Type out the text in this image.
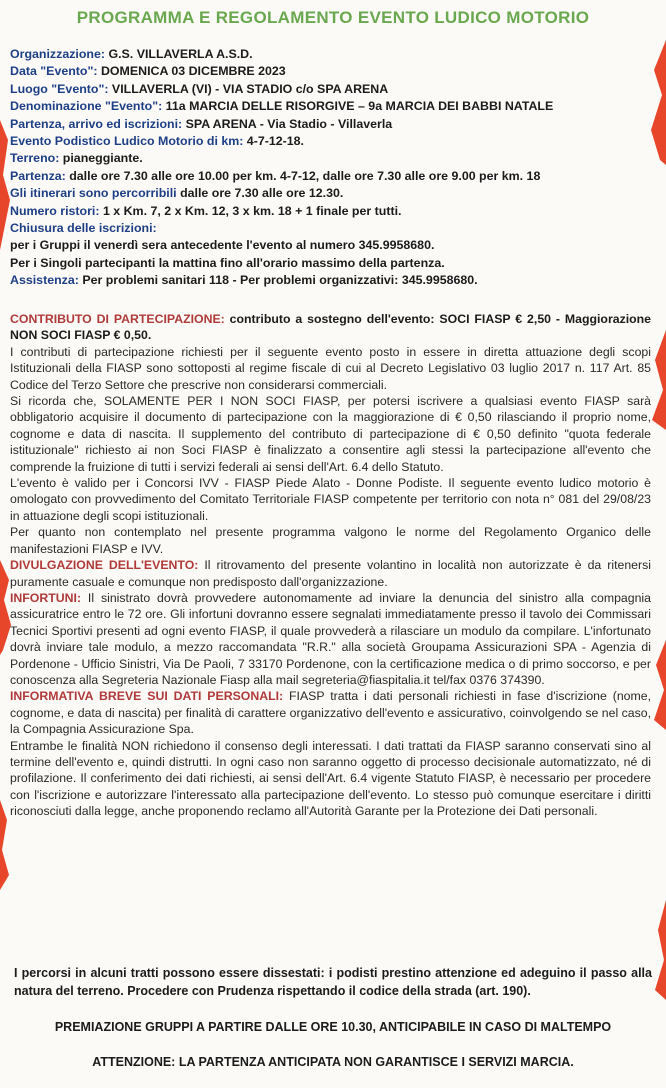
PROGRAMMA E REGOLAMENTO EVENTO LUDICO MOTORIO
Organizzazione: G.S. VILLAVERLA A.S.D.
Data "Evento": DOMENICA 03 DICEMBRE 2023
Luogo "Evento": VILLAVERLA (VI) - VIA STADIO c/o SPA ARENA
Denominazione "Evento": 11a MARCIA DELLE RISORGIVE – 9a MARCIA DEI BABBI NATALE
Partenza, arrivo ed iscrizioni: SPA ARENA - Via Stadio - Villaverla
Evento Podistico Ludico Motorio di km: 4-7-12-18.
Terreno: pianeggiante.
Partenza: dalle ore 7.30 alle ore 10.00 per km. 4-7-12, dalle ore 7.30 alle ore 9.00 per km. 18
Gli itinerari sono percorribili dalle ore 7.30 alle ore 12.30.
Numero ristori: 1 x Km. 7, 2 x Km. 12, 3 x km. 18 + 1 finale per tutti.
Chiusura delle iscrizioni:
per i Gruppi il venerdì sera antecedente l'evento al numero 345.9958680.
Per i Singoli partecipanti la mattina fino all'orario massimo della partenza.
Assistenza: Per problemi sanitari 118 - Per problemi organizzativi: 345.9958680.

CONTRIBUTO DI PARTECIPAZIONE: contributo a sostegno dell'evento: SOCI FIASP € 2,50 - Maggiorazione NON SOCI FIASP € 0,50.

I contributi di partecipazione richiesti per il seguente evento posto in essere in diretta attuazione degli scopi Istituzionali della FIASP sono sottoposti al regime fiscale di cui al Decreto Legislativo 03 luglio 2017 n. 117 Art. 85 Codice del Terzo Settore che prescrive non considerarsi commerciali.

Si ricorda che, SOLAMENTE PER I NON SOCI FIASP, per potersi iscrivere a qualsiasi evento FIASP sarà obbligatorio acquisire il documento di partecipazione con la maggiorazione di € 0,50 rilasciando il proprio nome, cognome e data di nascita. Il supplemento del contributo di partecipazione di € 0,50 definito "quota federale istituzionale" richiesto ai non Soci FIASP è finalizzato a consentire agli stessi la partecipazione all'evento che comprende la fruizione di tutti i servizi federali ai sensi dell'Art. 6.4 dello Statuto.

L'evento è valido per i Concorsi IVV - FIASP Piede Alato - Donne Podiste. Il seguente evento ludico motorio è omologato con provvedimento del Comitato Territoriale FIASP competente per territorio con nota n° 081 del 29/08/23 in attuazione degli scopi istituzionali.

Per quanto non contemplato nel presente programma valgono le norme del Regolamento Organico delle manifestazioni FIASP e IVV.

DIVULGAZIONE DELL'EVENTO: Il ritrovamento del presente volantino in località non autorizzate è da ritenersi puramente casuale e comunque non predisposto dall'organizzazione.

INFORTUNI: Il sinistrato dovrà provvedere autonomamente ad inviare la denuncia del sinistro alla compagnia assicuratrice entro le 72 ore. Gli infortuni dovranno essere segnalati immediatamente presso il tavolo dei Commissari Tecnici Sportivi presenti ad ogni evento FIASP, il quale provvederà a rilasciare un modulo da compilare. L'infortunato dovrà inviare tale modulo, a mezzo raccomandata "R.R." alla società Groupama Assicurazioni SPA - Agenzia di Pordenone - Ufficio Sinistri, Via De Paoli, 7 33170 Pordenone, con la certificazione medica o di primo soccorso, e per conoscenza alla Segreteria Nazionale Fiasp alla mail segreteria@fiaspitalia.it tel/fax 0376 374390.

INFORMATIVA BREVE SUI DATI PERSONALI: FIASP tratta i dati personali richiesti in fase d'iscrizione (nome, cognome, e data di nascita) per finalità di carattere organizzativo dell'evento e assicurativo, coinvolgendo se nel caso, la Compagnia Assicurazione Spa.

Entrambe le finalità NON richiedono il consenso degli interessati. I dati trattati da FIASP saranno conservati sino al termine dell'evento e, quindi distrutti. In ogni caso non saranno oggetto di processo decisionale automatizzato, né di profilazione. Il conferimento dei dati richiesti, ai sensi dell'Art. 6.4 vigente Statuto FIASP, è necessario per procedere con l'iscrizione e autorizzare l'interessato alla partecipazione dell'evento. Lo stesso può comunque esercitare i diritti riconosciuti dalla legge, anche proponendo reclamo all'Autorità Garante per la Protezione dei Dati personali.

I percorsi in alcuni tratti possono essere dissestati: i podisti prestino attenzione ed adeguino il passo alla natura del terreno. Procedere con Prudenza rispettando il codice della strada (art. 190).
PREMIAZIONE GRUPPI A PARTIRE DALLE ORE 10.30, ANTICIPABILE IN CASO DI MALTEMPO
ATTENZIONE: LA PARTENZA ANTICIPATA NON GARANTISCE I SERVIZI MARCIA.
